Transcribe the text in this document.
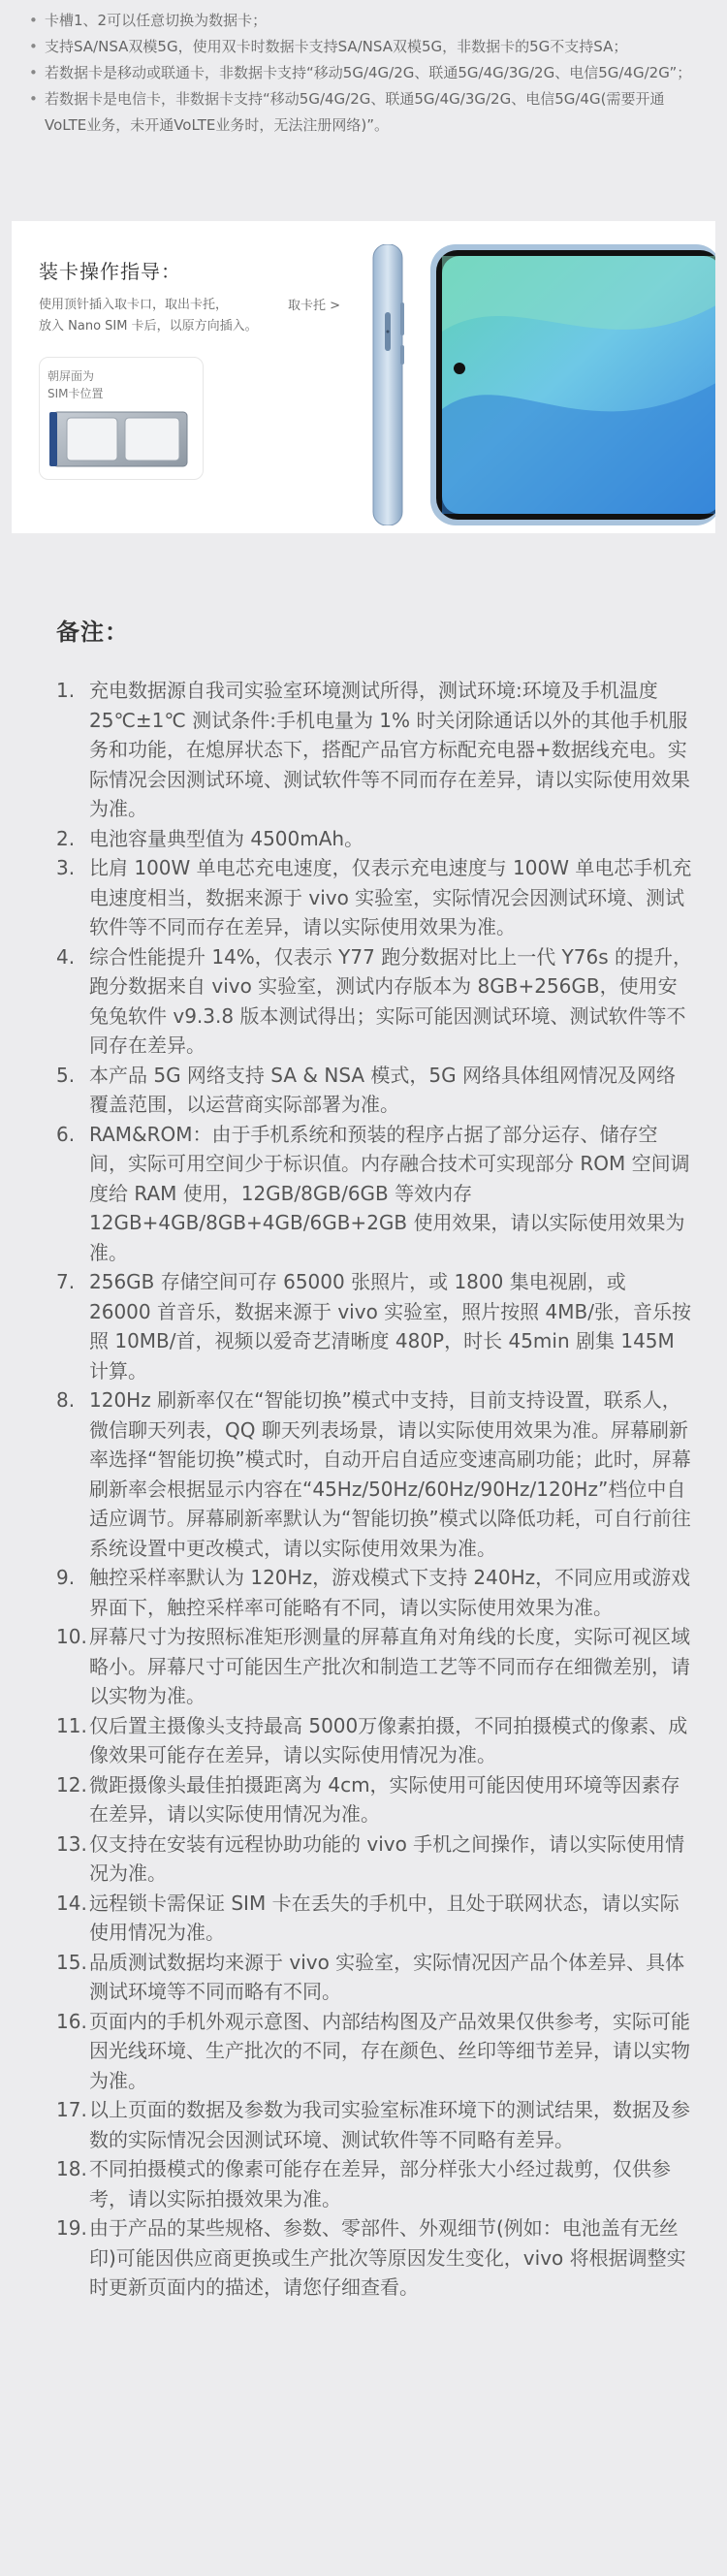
• 卡槽1、2可以任意切换为数据卡；
• 支持SA/NSA双模5G，使用双卡时数据卡支持SA/NSA双模5G，非数据卡的5G不支持SA；
• 若数据卡是移动或联通卡，非数据卡支持“移动5G/4G/2G、联通5G/4G/3G/2G、电信5G/4G/2G”；
• 若数据卡是电信卡，非数据卡支持“移动5G/4G/2G、联通5G/4G/3G/2G、电信5G/4G(需要开通VoLTE业务，未开通VoLTE业务时，无法注册网络)”。
装卡操作指导：
使用顶针插入取卡口，取出卡托，
放入 Nano SIM 卡后，以原方向插入。
取卡托 >
朝屏面为
SIM卡位置
备注：
1. 充电数据源自我司实验室环境测试所得，测试环境:环境及手机温度 25℃±1℃ 测试条件:手机电量为 1% 时关闭除通话以外的其他手机服务和功能，在熄屏状态下，搭配产品官方标配充电器+数据线充电。实际情况会因测试环境、测试软件等不同而存在差异，请以实际使用效果为准。
2. 电池容量典型值为 4500mAh。
3. 比肩 100W 单电芯充电速度，仅表示充电速度与 100W 单电芯手机充电速度相当，数据来源于 vivo 实验室，实际情况会因测试环境、测试软件等不同而存在差异，请以实际使用效果为准。
4. 综合性能提升 14%，仅表示 Y77 跑分数据对比上一代 Y76s 的提升，跑分数据来自 vivo 实验室，测试内存版本为 8GB+256GB，使用安兔兔软件 v9.3.8 版本测试得出；实际可能因测试环境、测试软件等不同存在差异。
5. 本产品 5G 网络支持 SA & NSA 模式，5G 网络具体组网情况及网络覆盖范围，以运营商实际部署为准。
6. RAM&ROM：由于手机系统和预装的程序占据了部分运存、储存空间，实际可用空间少于标识值。内存融合技术可实现部分 ROM 空间调度给 RAM 使用，12GB/8GB/6GB 等效内存 12GB+4GB/8GB+4GB/6GB+2GB 使用效果，请以实际使用效果为准。
7. 256GB 存储空间可存 65000 张照片，或 1800 集电视剧，或 26000 首音乐，数据来源于 vivo 实验室，照片按照 4MB/张，音乐按照 10MB/首，视频以爱奇艺清晰度 480P，时长 45min 剧集 145M 计算。
8. 120Hz 刷新率仅在“智能切换”模式中支持，目前支持设置，联系人，微信聊天列表，QQ 聊天列表场景，请以实际使用效果为准。屏幕刷新率选择“智能切换”模式时，自动开启自适应变速高刷功能；此时，屏幕刷新率会根据显示内容在“45Hz/50Hz/60Hz/90Hz/120Hz”档位中自适应调节。屏幕刷新率默认为“智能切换”模式以降低功耗，可自行前往系统设置中更改模式，请以实际使用效果为准。
9. 触控采样率默认为 120Hz，游戏模式下支持 240Hz，不同应用或游戏界面下，触控采样率可能略有不同，请以实际使用效果为准。
10. 屏幕尺寸为按照标准矩形测量的屏幕直角对角线的长度，实际可视区域略小。屏幕尺寸可能因生产批次和制造工艺等不同而存在细微差别，请以实物为准。
11. 仅后置主摄像头支持最高 5000万像素拍摄，不同拍摄模式的像素、成像效果可能存在差异，请以实际使用情况为准。
12. 微距摄像头最佳拍摄距离为 4cm，实际使用可能因使用环境等因素存在差异，请以实际使用情况为准。
13. 仅支持在安装有远程协助功能的 vivo 手机之间操作，请以实际使用情况为准。
14. 远程锁卡需保证 SIM 卡在丢失的手机中，且处于联网状态，请以实际使用情况为准。
15. 品质测试数据均来源于 vivo 实验室，实际情况因产品个体差异、具体测试环境等不同而略有不同。
16. 页面内的手机外观示意图、内部结构图及产品效果仅供参考，实际可能因光线环境、生产批次的不同，存在颜色、丝印等细节差异，请以实物为准。
17. 以上页面的数据及参数为我司实验室标准环境下的测试结果，数据及参数的实际情况会因测试环境、测试软件等不同略有差异。
18. 不同拍摄模式的像素可能存在差异，部分样张大小经过裁剪，仅供参考，请以实际拍摄效果为准。
19. 由于产品的某些规格、参数、零部件、外观细节(例如：电池盖有无丝印)可能因供应商更换或生产批次等原因发生变化，vivo 将根据调整实时更新页面内的描述，请您仔细查看。
